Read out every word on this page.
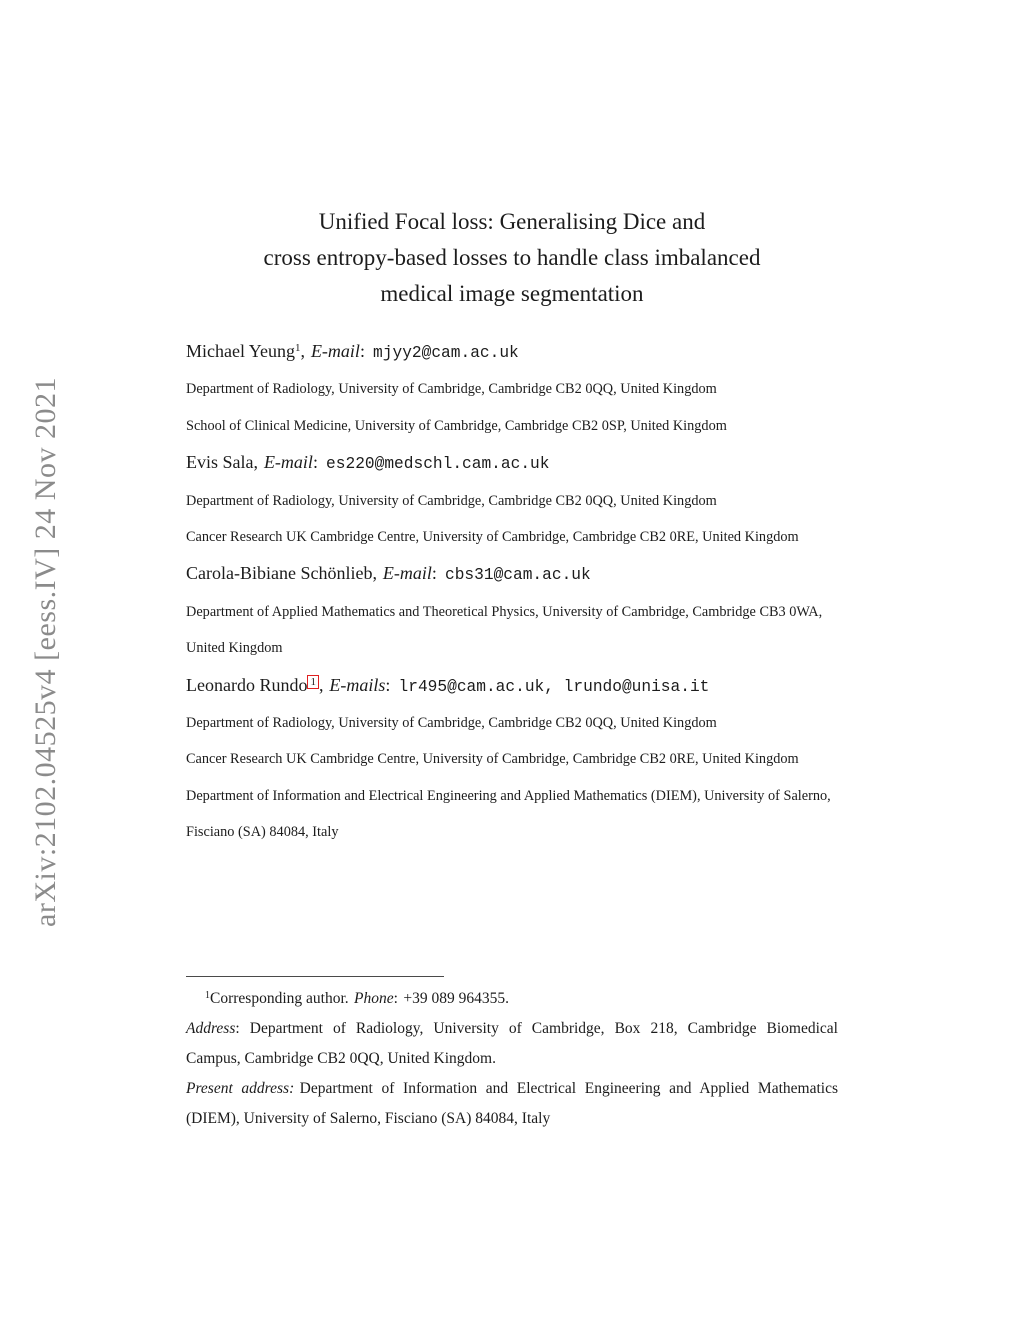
arXiv:2102.04525v4 [eess.IV] 24 Nov 2021
Unified Focal loss: Generalising Dice and
cross entropy-based losses to handle class imbalanced
medical image segmentation

Michael Yeung$^1$, E-mail: mjyy2@cam.ac.uk

Department of Radiology, University of Cambridge, Cambridge CB2 0QQ, United Kingdom

School of Clinical Medicine, University of Cambridge, Cambridge CB2 0SP, United Kingdom

Evis Sala, E-mail: es220@medschl.cam.ac.uk

Department of Radiology, University of Cambridge, Cambridge CB2 0QQ, United Kingdom

Cancer Research UK Cambridge Centre, University of Cambridge, Cambridge CB2 0RE, United Kingdom

Carola-Bibiane Schönlieb, E-mail: cbs31@cam.ac.uk

Department of Applied Mathematics and Theoretical Physics, University of Cambridge, Cambridge CB3 0WA, United Kingdom

Leonardo Rundo $^1$ , E-mails: lr495@cam.ac.uk, lrundo@unisa.it

Department of Radiology, University of Cambridge, Cambridge CB2 0QQ, United Kingdom

Cancer Research UK Cambridge Centre, University of Cambridge, Cambridge CB2 0RE, United Kingdom

Department of Information and Electrical Engineering and Applied Mathematics (DIEM), University of Salerno, Fisciano (SA) 84084, Italy

$^1$Corresponding author. Phone: +39 089 964355.

Address: Department of Radiology, University of Cambridge, Box 218, Cambridge Biomedical Campus, Cambridge CB2 0QQ, United Kingdom.

Present address: Department of Information and Electrical Engineering and Applied Mathematics (DIEM), University of Salerno, Fisciano (SA) 84084, Italy
